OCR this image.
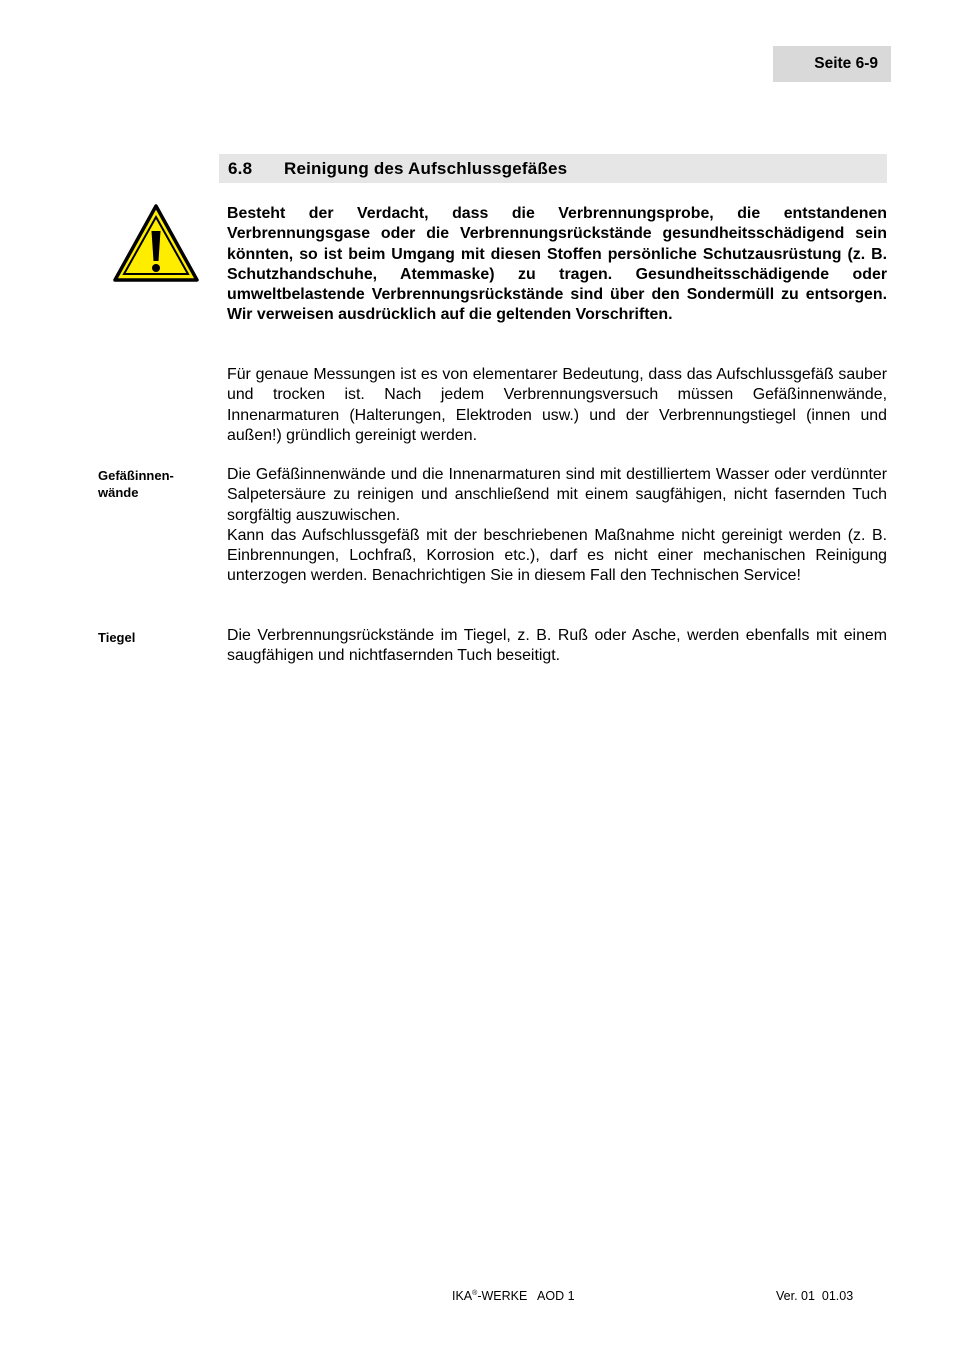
Seite 6-9
6.8	Reinigung des Aufschlussgefäßes

Besteht der Verdacht, dass die Verbrennungsprobe, die entstandenen Verbrennungsgase oder die Verbrennungsrückstände gesundheitsschädigend sein könnten, so ist beim Umgang mit diesen Stoffen persönliche Schutzausrüstung (z. B. Schutzhandschuhe, Atemmaske) zu tragen. Gesundheitsschädigende oder umweltbelastende Verbrennungsrückstände sind über den Sondermüll zu entsorgen. Wir verweisen ausdrücklich auf die geltenden Vorschriften.

Für genaue Messungen ist es von elementarer Bedeutung, dass das Aufschlussgefäß sauber und trocken ist. Nach jedem Verbrennungsversuch müssen Gefäßinnenwände, Innenarmaturen (Halterungen, Elektroden usw.) und der Verbrennungstiegel (innen und außen!) gründlich gereinigt werden.

Gefäßinnen-wände

Die Gefäßinnenwände und die Innenarmaturen sind mit destilliertem Wasser oder verdünnter Salpetersäure zu reinigen und anschließend mit einem saugfähigen, nicht fasernden Tuch sorgfältig auszuwischen.

Kann das Aufschlussgefäß mit der beschriebenen Maßnahme nicht gereinigt werden (z. B. Einbrennungen, Lochfraß, Korrosion etc.), darf es nicht einer mechanischen Reinigung unterzogen werden. Benachrichtigen Sie in diesem Fall den Technischen Service!

Tiegel	Die Verbrennungsrückstände im Tiegel, z. B. Ruß oder Asche, werden ebenfalls mit einem saugfähigen und nichtfasernden Tuch beseitigt.

IKA®-WERKE   AOD 1	Ver. 01  01.03
